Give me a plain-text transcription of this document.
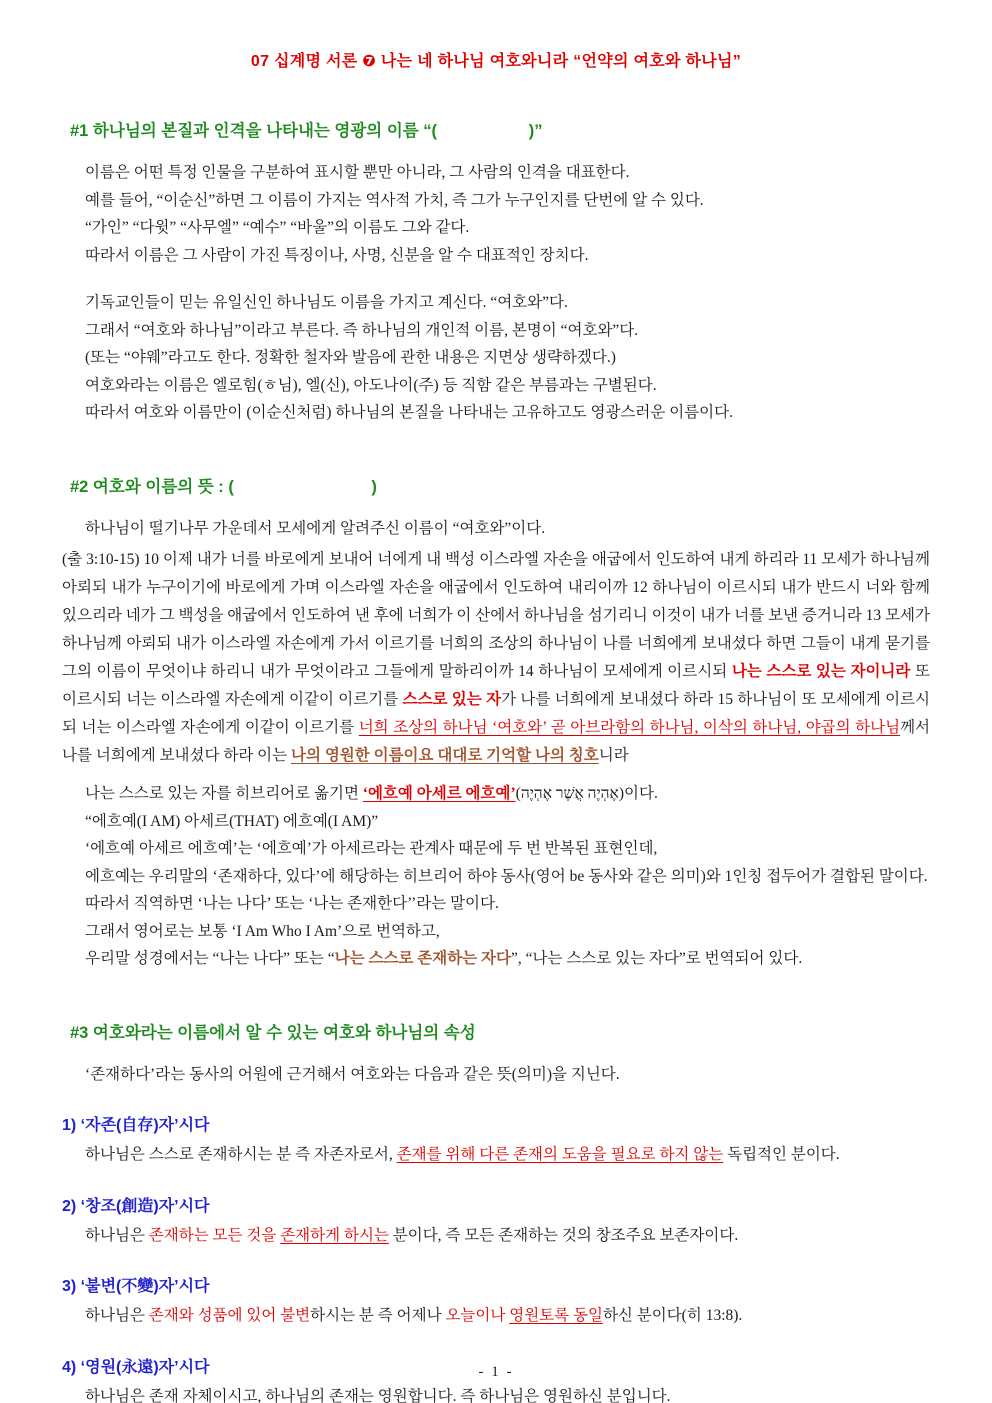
07 십계명 서론 ❼ 나는 네 하나님 여호와니라 “언약의 여호와 하나님”
#1 하나님의 본질과 인격을 나타내는 영광의 이름 “(                    )”
이름은 어떤 특정 인물을 구분하여 표시할 뿐만 아니라, 그 사람의 인격을 대표한다.
예를 들어, “이순신”하면 그 이름이 가지는 역사적 가치, 즉 그가 누구인지를 단번에 알 수 있다.
“가인” “다윗” “사무엘” “예수” “바울”의 이름도 그와 같다.
따라서 이름은 그 사람이 가진 특징이나, 사명, 신분을 알 수 대표적인 장치다.
기독교인들이 믿는 유일신인 하나님도 이름을 가지고 계신다. “여호와”다.
그래서 “여호와 하나님”이라고 부른다. 즉 하나님의 개인적 이름, 본명이 “여호와”다.
(또는 “야웨”라고도 한다. 정확한 철자와 발음에 관한 내용은 지면상 생략하겠다.)
여호와라는 이름은 엘로힘(ㅎ님), 엘(신), 아도나이(주) 등 직함 같은 부름과는 구별된다.
따라서 여호와 이름만이 (이순신처럼) 하나님의 본질을 나타내는 고유하고도 영광스러운 이름이다.
#2 여호와 이름의 뜻 : (                              )
하나님이 떨기나무 가운데서 모세에게 알려주신 이름이 “여호와”이다.
(출 3:10-15) 10 이제 내가 너를 바로에게 보내어 너에게 내 백성 이스라엘 자손을 애굽에서 인도하여 내게 하리라 11 모세가 하나님께 아뢰되 내가 누구이기에 바로에게 가며 이스라엘 자손을 애굽에서 인도하여 내리이까 12 하나님이 이르시되 내가 반드시 너와 함께 있으리라 네가 그 백성을 애굽에서 인도하여 낸 후에 너희가 이 산에서 하나님을 섬기리니 이것이 내가 너를 보낸 증거니라 13 모세가 하나님께 아뢰되 내가 이스라엘 자손에게 가서 이르기를 너희의 조상의 하나님이 나를 너희에게 보내셨다 하면 그들이 내게 묻기를 그의 이름이 무엇이냐 하리니 내가 무엇이라고 그들에게 말하리이까 14 하나님이 모세에게 이르시되 나는 스스로 있는 자이니라 또 이르시되 너는 이스라엘 자손에게 이같이 이르기를 스스로 있는 자가 나를 너희에게 보내셨다 하라 15 하나님이 또 모세에게 이르시되 너는 이스라엘 자손에게 이같이 이르기를 너희 조상의 하나님 ‘여호와’ 곧 아브라함의 하나님, 이삭의 하나님, 야곱의 하나님께서 나를 너희에게 보내셨다 하라 이는 나의 영원한 이름이요 대대로 기억할 나의 칭호니라
나는 스스로 있는 자를 히브리어로 옮기면 ‘에흐예 아세르 에흐예’(אֶהְיֶה אֲשֶׁר אֶהְיֶה)이다.
“에흐예(I AM) 아세르(THAT) 에흐예(I AM)”
‘에흐예 아세르 에흐예’는 ‘에흐예’가 아세르라는 관계사 때문에 두 번 반복된 표현인데,
에흐예는 우리말의 ‘존재하다, 있다’에 해당하는 히브리어 하야 동사(영어 be 동사와 같은 의미)와 1인칭 접두어가 결합된 말이다.
따라서 직역하면 ‘나는 나다’ 또는 ‘나는 존재한다’’라는 말이다.
그래서 영어로는 보통 ‘I Am Who I Am’으로 번역하고,
우리말 성경에서는 “나는 나다” 또는 “나는 스스로 존재하는 자다”, “나는 스스로 있는 자다”로 번역되어 있다.
#3 여호와라는 이름에서 알 수 있는 여호와 하나님의 속성
‘존재하다’라는 동사의 어원에 근거해서 여호와는 다음과 같은 뜻(의미)을 지닌다.
1) ‘자존(自存)자’시다
하나님은 스스로 존재하시는 분 즉 자존자로서, 존재를 위해 다른 존재의 도움을 필요로 하지 않는 독립적인 분이다.
2) ‘창조(創造)자’시다
하나님은 존재하는 모든 것을 존재하게 하시는 분이다, 즉 모든 존재하는 것의 창조주요 보존자이다.
3) ‘불변(不變)자’시다
하나님은 존재와 성품에 있어 불변하시는 분 즉 어제나 오늘이나 영원토록 동일하신 분이다(히 13:8).
4) ‘영원(永遠)자’시다
하나님은 존재 자체이시고, 하나님의 존재는 영원합니다. 즉 하나님은 영원하신 분입니다.
- 1 -
